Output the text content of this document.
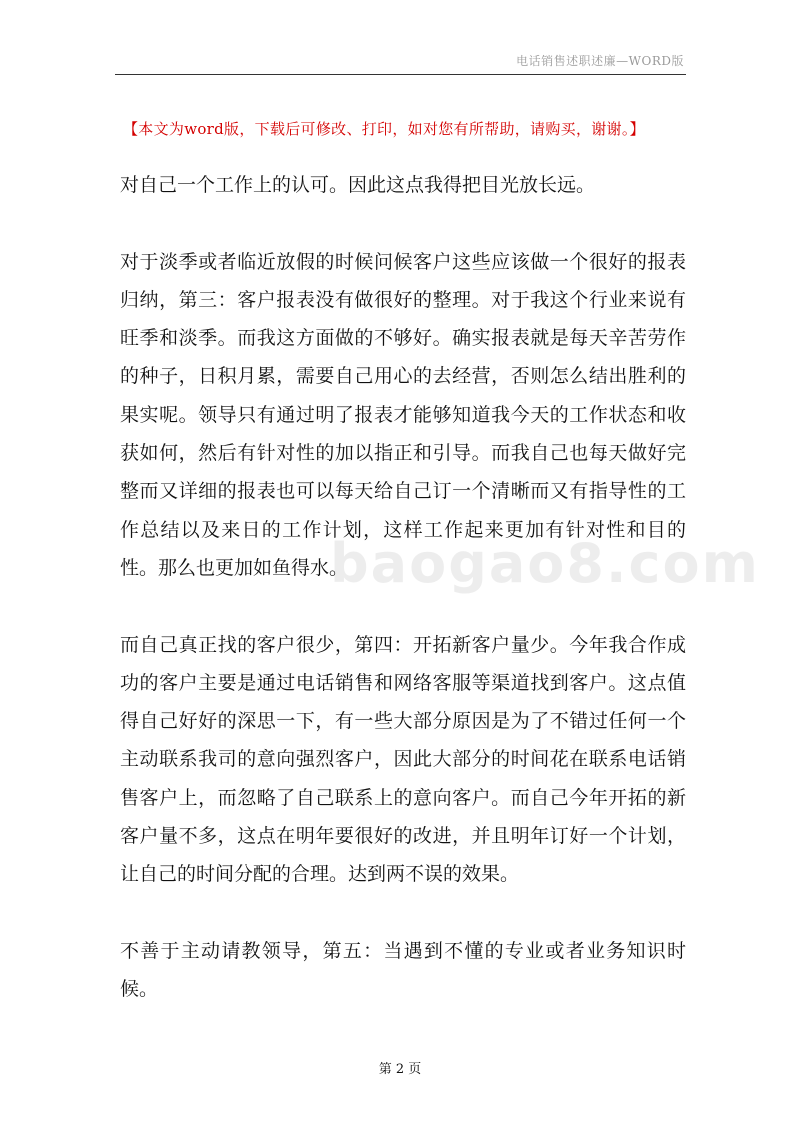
电话销售述职述廉—WORD版
【本文为word版，下载后可修改、打印，如对您有所帮助，请购买，谢谢。】

对自己一个工作上的认可。因此这点我得把目光放长远。

对于淡季或者临近放假的时候问候客户这些应该做一个很好的报表归纳，第三：客户报表没有做很好的整理。对于我这个行业来说有旺季和淡季。而我这方面做的不够好。确实报表就是每天辛苦劳作的种子，日积月累，需要自己用心的去经营，否则怎么结出胜利的果实呢。领导只有通过明了报表才能够知道我今天的工作状态和收获如何，然后有针对性的加以指正和引导。而我自己也每天做好完整而又详细的报表也可以每天给自己订一个清晰而又有指导性的工作总结以及来日的工作计划，这样工作起来更加有针对性和目的性。那么也更加如鱼得水。

而自己真正找的客户很少，第四：开拓新客户量少。今年我合作成功的客户主要是通过电话销售和网络客服等渠道找到客户。这点值得自己好好的深思一下，有一些大部分原因是为了不错过任何一个主动联系我司的意向强烈客户，因此大部分的时间花在联系电话销售客户上，而忽略了自己联系上的意向客户。而自己今年开拓的新客户量不多，这点在明年要很好的改进，并且明年订好一个计划，让自己的时间分配的合理。达到两不误的效果。

不善于主动请教领导，第五：当遇到不懂的专业或者业务知识时候。

baogao8.com
第 2 页
